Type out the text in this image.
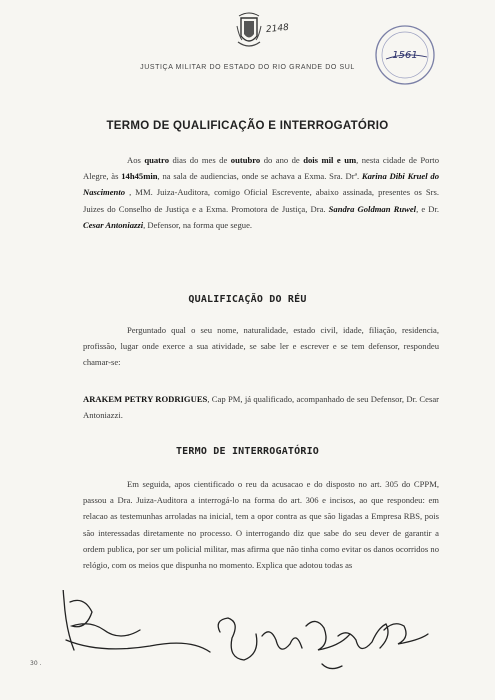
2148
1561
JUSTIÇA MILITAR DO ESTADO DO RIO GRANDE DO SUL
TERMO DE QUALIFICAÇÃO E INTERROGATÓRIO
Aos quatro dias do mes de outubro do ano de dois mil e um, nesta cidade de Porto Alegre, às 14h45min, na sala de audiencias, onde se achava a Exma. Sra. Drª. Karina Dibi Kruel do Nascimento , MM. Juiza-Auditora, comigo Oficial Escrevente, abaixo assinada, presentes os Srs. Juizes do Conselho de Justiça e a Exma. Promotora de Justiça, Dra. Sandra Goldman Ruwel, e Dr. Cesar Antoniazzi, Defensor, na forma que segue.
QUALIFICAÇÃO DO RÉU
Perguntado qual o seu nome, naturalidade, estado civil, idade, filiação, residencia, profissão, lugar onde exerce a sua atividade, se sabe ler e escrever e se tem defensor, respondeu chamar-se:
ARAKEM PETRY RODRIGUES, Cap PM, já qualificado, acompanhado de seu Defensor, Dr. Cesar Antoniazzi.
TERMO DE INTERROGATÓRIO
Em seguida, apos cientificado o reu da acusacao e do disposto no art. 305 do CPPM, passou a Dra. Juiza-Auditora a interrogá-lo na forma do art. 306 e incisos, ao que respondeu: em relacao as testemunhas arroladas na inicial, tem a opor contra as que são ligadas a Empresa RBS, pois são interessadas diretamente no processo. O interrogando diz que sabe do seu dever de garantir a ordem publica, por ser um policial militar, mas afirma que não tinha como evitar os danos ocorridos no relógio, com os meios que dispunha no momento. Explica que adotou todas as
30 .
